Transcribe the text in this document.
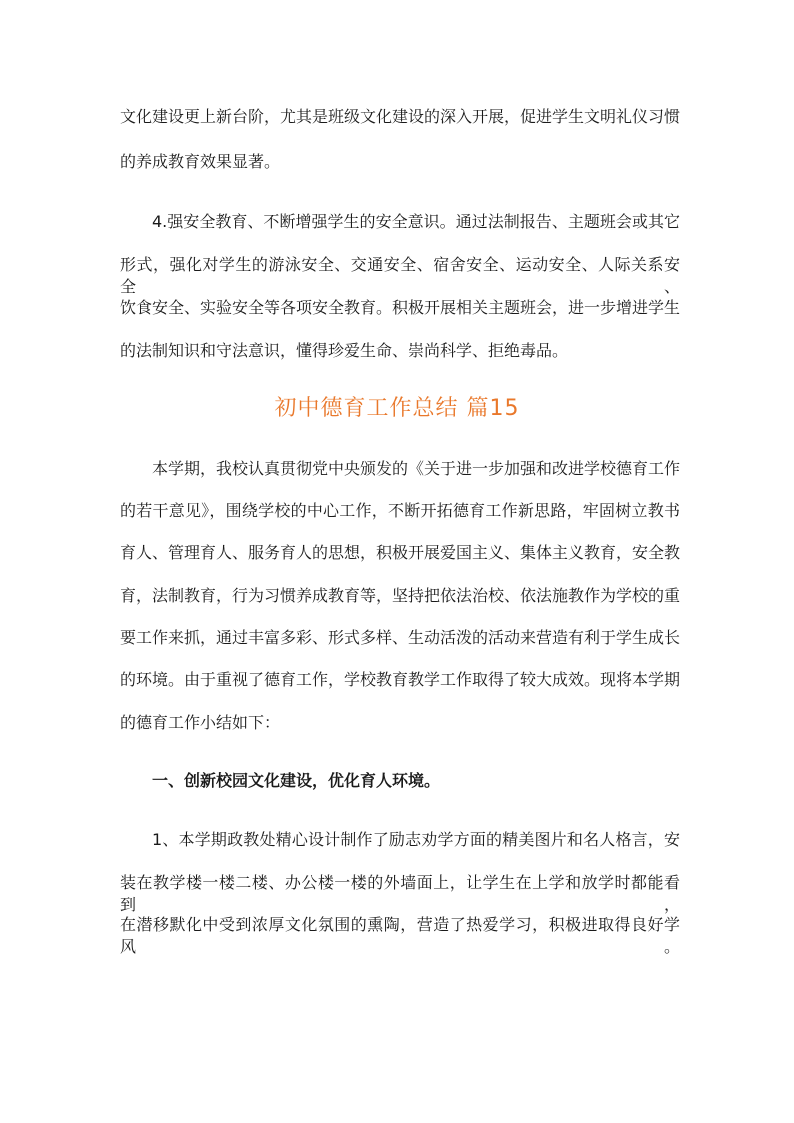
文化建设更上新台阶，尤其是班级文化建设的深入开展，促进学生文明礼仪习惯
的养成教育效果显著。
4.强安全教育、不断增强学生的安全意识。通过法制报告、主题班会或其它
形式，强化对学生的游泳安全、交通安全、宿舍安全、运动安全、人际关系安全、
饮食安全、实验安全等各项安全教育。积极开展相关主题班会，进一步增进学生
的法制知识和守法意识，懂得珍爱生命、崇尚科学、拒绝毒品。
初中德育工作总结 篇15
本学期，我校认真贯彻党中央颁发的《关于进一步加强和改进学校德育工作
的若干意见》，围绕学校的中心工作，不断开拓德育工作新思路，牢固树立教书
育人、管理育人、服务育人的思想，积极开展爱国主义、集体主义教育，安全教
育，法制教育，行为习惯养成教育等，坚持把依法治校、依法施教作为学校的重
要工作来抓，通过丰富多彩、形式多样、生动活泼的活动来营造有利于学生成长
的环境。由于重视了德育工作，学校教育教学工作取得了较大成效。现将本学期
的德育工作小结如下：
一、创新校园文化建设，优化育人环境。
1、本学期政教处精心设计制作了励志劝学方面的精美图片和名人格言，安
装在教学楼一楼二楼、办公楼一楼的外墙面上，让学生在上学和放学时都能看到，
在潜移默化中受到浓厚文化氛围的熏陶，营造了热爱学习，积极进取得良好学风。
